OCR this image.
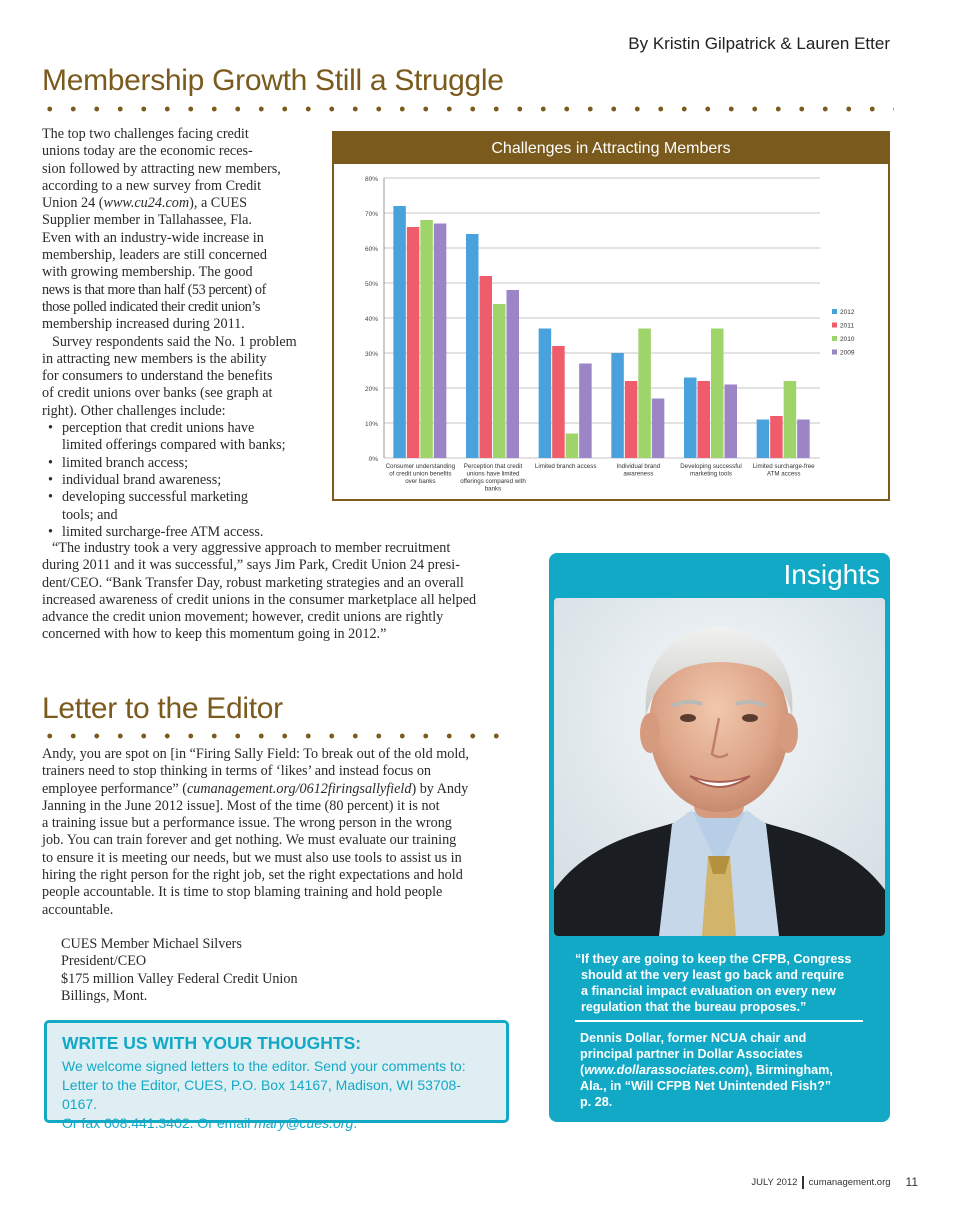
By Kristin Gilpatrick & Lauren Etter
Membership Growth Still a Struggle

The top two challenges facing credit
unions today are the economic reces-
sion followed by attracting new members,
according to a new survey from Credit
Union 24 (www.cu24.com), a CUES
Supplier member in Tallahassee, Fla.
Even with an industry-wide increase in
membership, leaders are still concerned
with growing membership. The good
news is that more than half (53 percent) of
those polled indicated their credit union’s
membership increased during 2011.

Survey respondents said the No. 1 problem
in attracting new members is the ability
for consumers to understand the benefits
of credit unions over banks (see graph at
right). Other challenges include:

• perception that credit unions have
limited offerings compared with banks;
• limited branch access;
• individual brand awareness;
• developing successful marketing
tools; and
• limited surcharge-free ATM access.

“The industry took a very aggressive approach to member recruitment
during 2011 and it was successful,” says Jim Park, Credit Union 24 presi-
dent/CEO. “Bank Transfer Day, robust marketing strategies and an overall
increased awareness of credit unions in the consumer marketplace all helped
advance the credit union movement; however, credit unions are rightly
concerned with how to keep this momentum going in 2012.”

Challenges in Attracting Members
0%
10%
20%
30%
40%
50%
60%
70%
80%
Consumer understanding
of credit union benefits
over banks
Perception that credit
unions have limited
offerings compared with
banks
Limited branch access	Individual brand
awareness
Developing successful
marketing tools
Limited surcharge-free
ATM access
2012
2011
2010
2009
Letter to the Editor

Andy, you are spot on [in “Firing Sally Field: To break out of the old mold,
trainers need to stop thinking in terms of ‘likes’ and instead focus on
employee performance” (cumanagement.org/0612firingsallyfield) by Andy
Janning in the June 2012 issue]. Most of the time (80 percent) it is not
a training issue but a performance issue. The wrong person in the wrong
job. You can train forever and get nothing. We must evaluate our training
to ensure it is meeting our needs, but we must also use tools to assist us in
hiring the right person for the right job, set the right expectations and hold
people accountable. It is time to stop blaming training and hold people
accountable.

CUES Member Michael Silvers
President/CEO
$175 million Valley Federal Credit Union
Billings, Mont.
WRITE US WITH YOUR THOUGHTS:
We welcome signed letters to the editor. Send your comments to:
Letter to the Editor, CUES, P.O. Box 14167, Madison, WI 53708-0167.
Or fax 608.441.3402. Or email mary@cues.org.
Insights
“If they are going to keep the CFPB, Congress
should at the very least go back and require
a financial impact evaluation on every new
regulation that the bureau proposes.”
Dennis Dollar, former NCUA chair and
principal partner in Dollar Associates
(www.dollarassociates.com), Birmingham,
Ala., in “Will CFPB Net Unintended Fish?”
p. 28.
JULY 2012 cumanagement.org 11
